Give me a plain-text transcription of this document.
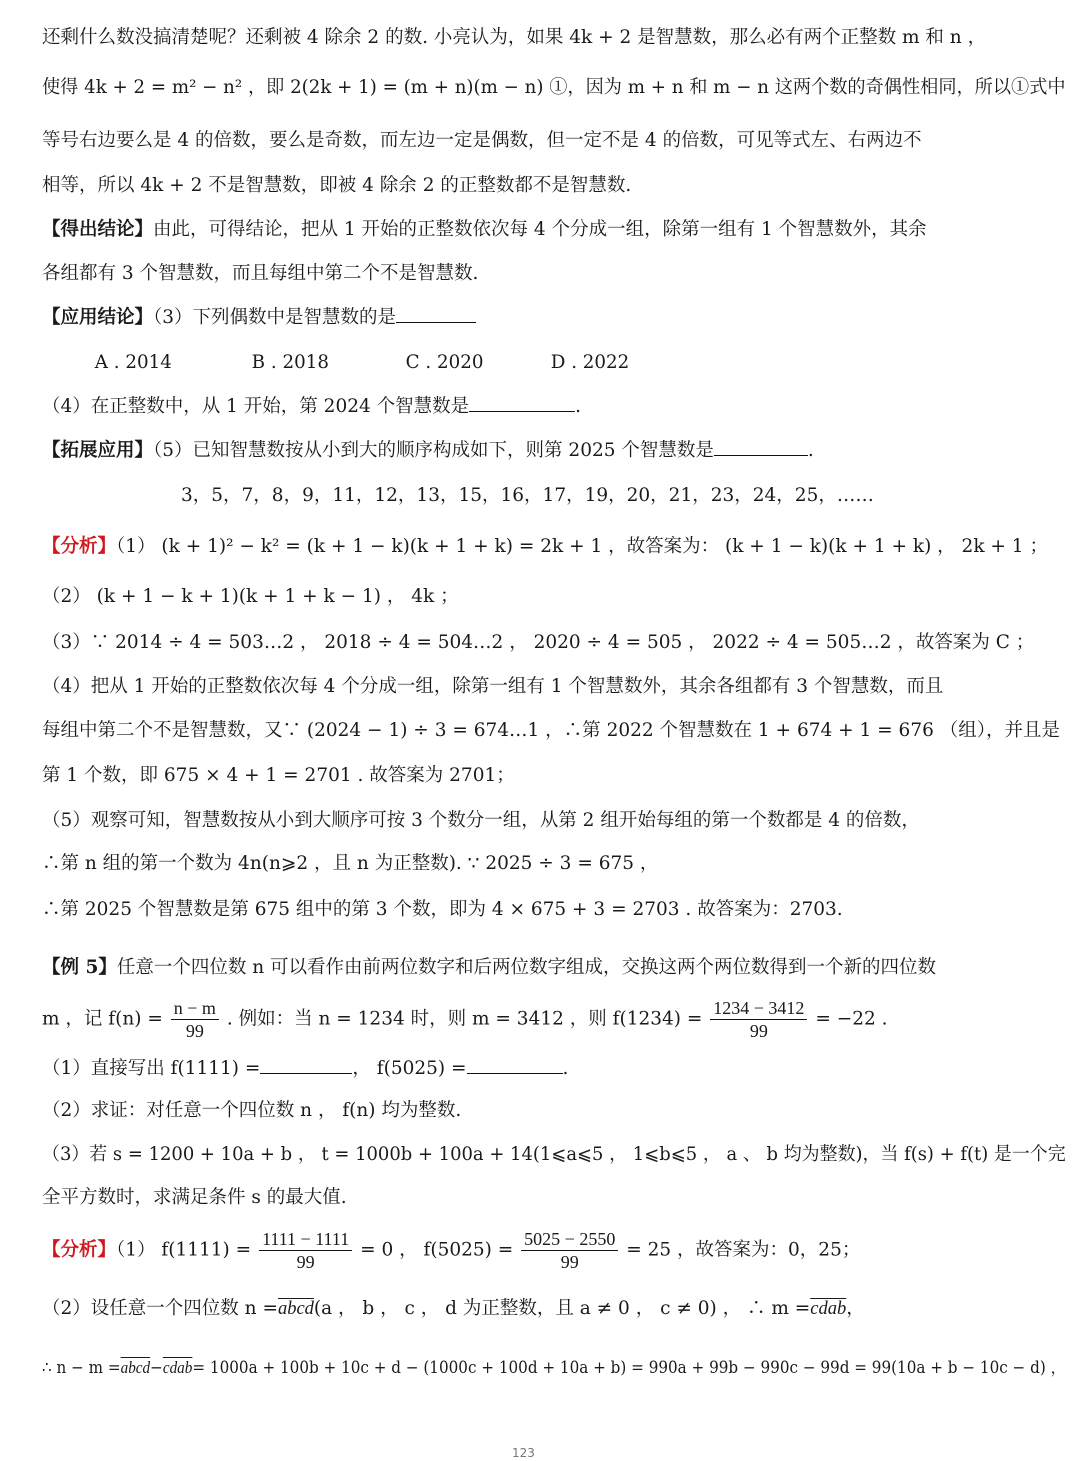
还剩什么数没搞清楚呢？还剩被 4 除余 2 的数. 小亮认为，如果 4k + 2 是智慧数，那么必有两个正整数 m 和 n ，
使得 4k + 2 = m² − n² ，即 2(2k + 1) = (m + n)(m − n) ①，因为 m + n 和 m − n 这两个数的奇偶性相同，所以①式中
等号右边要么是 4 的倍数，要么是奇数，而左边一定是偶数，但一定不是 4 的倍数，可见等式左、右两边不
相等，所以 4k + 2 不是智慧数，即被 4 除余 2 的正整数都不是智慧数.
【得出结论】由此，可得结论，把从 1 开始的正整数依次每 4 个分成一组，除第一组有 1 个智慧数外，其余
各组都有 3 个智慧数，而且每组中第二个不是智慧数.
【应用结论】（3）下列偶数中是智慧数的是
A . 2014	B . 2018	C . 2020	D . 2022
（4）在正整数中，从 1 开始，第 2024 个智慧数是	.
【拓展应用】（5）已知智慧数按从小到大的顺序构成如下，则第 2025 个智慧数是	.
3，5，7，8，9，11，12，13，15，16，17，19，20，21，23，24，25，……
【分析】（1） (k + 1)² − k² = (k + 1 − k)(k + 1 + k) = 2k + 1 ，故答案为： (k + 1 − k)(k + 1 + k) ， 2k + 1 ；
（2） (k + 1 − k + 1)(k + 1 + k − 1) ， 4k ；
（3）∵ 2014 ÷ 4 = 503…2 ， 2018 ÷ 4 = 504…2 ， 2020 ÷ 4 = 505 ， 2022 ÷ 4 = 505…2 ，故答案为 C ；
（4）把从 1 开始的正整数依次每 4 个分成一组，除第一组有 1 个智慧数外，其余各组都有 3 个智慧数，而且
每组中第二个不是智慧数，又∵ (2024 − 1) ÷ 3 = 674…1 ，∴第 2022 个智慧数在 1 + 674 + 1 = 676 （组），并且是
第 1 个数，即 675 × 4 + 1 = 2701 . 故答案为 2701；
（5）观察可知，智慧数按从小到大顺序可按 3 个数分一组，从第 2 组开始每组的第一个数都是 4 的倍数，
∴第 n 组的第一个数为 4n(n⩾2 ，且 n 为正整数). ∵ 2025 ÷ 3 = 675 ，
∴第 2025 个智慧数是第 675 组中的第 3 个数，即为 4 × 675 + 3 = 2703 . 故答案为：2703.
【例 5】任意一个四位数 n 可以看作由前两位数字和后两位数字组成，交换这两个两位数得到一个新的四位数
m ，记 $f(n) = \frac{n - m}{99}$ . 例如：当 n = 1234 时，则 m = 3412 ，则 $f(1234) = \frac{1234 - 3412}{99} = -22$ .
（1）直接写出 f(1111) =	， f(5025) =	.
（2）求证：对任意一个四位数 n ， f(n) 均为整数.
（3）若 s = 1200 + 10a + b ， t = 1000b + 100a + 14(1⩽a⩽5 ， 1⩽b⩽5 ， a 、 b 均为整数)，当 f(s) + f(t) 是一个完
全平方数时，求满足条件 s 的最大值.
【分析】（1） $f(1111) = \frac{1111 - 1111}{99} = 0$ ， $f(5025) = \frac{5025 - 2550}{99} = 25$ ，故答案为：0，25；
（2）设任意一个四位数 n =abcd(a ， b ， c ， d 为正整数，且 a ≠ 0 ， c ≠ 0) ， ∴ m =cdab，
∴ n − m =abcd−cdab= 1000a + 100b + 10c + d − (1000c + 100d + 10a + b) = 990a + 99b − 990c − 99d = 99(10a + b − 10c − d) ，
123
